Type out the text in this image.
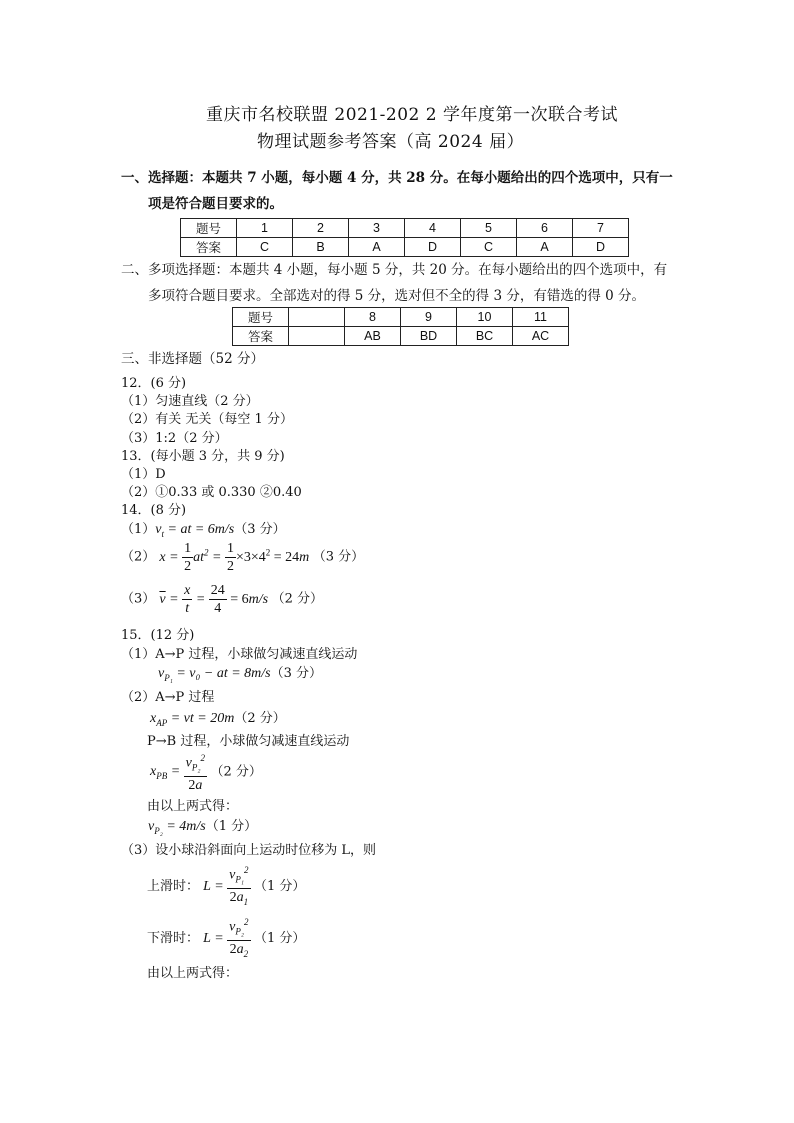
重庆市名校联盟 2021-202 2 学年度第一次联合考试
物理试题参考答案（高 2024 届）
一、选择题：本题共 7 小题，每小题 4 分，共 28 分。在每小题给出的四个选项中，只有一
项是符合题目要求的。
题号	1	2	3	4	5	6	7
答案	C	B	A	D	C	A	D
二、多项选择题：本题共 4 小题，每小题 5 分，共 20 分。在每小题给出的四个选项中，有
多项符合题目要求。全部选对的得 5 分，选对但不全的得 3 分，有错选的得 0 分。
题号		8	9	10	11
答案		AB	BD	BC	AC
三、非选择题（52 分）
12．(6 分)
（1）匀速直线（2 分）
（2）有关 无关（每空 1 分）
（3）1:2（2 分）
13．(每小题 3 分，共 9 分)
（1）D
（2）①0.33 或 0.330 ②0.40
14．(8 分)
$(1)v_t$ = at = 6m/s（3 分）
（2） $x = \frac{1}{2} at^2 = \frac{1}{2} \times 3\times 4^2 = 24m$ （3 分）
（3） $\overline{v} = \frac{x}{t} = \frac{24}{4} = 6m/s$ （2 分）
15．(12 分)
（1）A→P 过程，小球做匀减速直线运动
$v_{P_1} = v_0$ − at = 8m/s（3 分）
（2）A→P 过程
$x_{AP}$ = vt = 20m（2 分）
P→B 过程，小球做匀减速直线运动
$x_{PB} = \frac{v_{P_2}^2}{2a} (2$ 分）
由以上两式得：
$v_{P_2} = 4m/s(1$ 分）
（3）设小球沿斜面向上运动时位移为 L，则
上滑时： $L = \frac{v_{P_1}^2}{2a_1} (1$ 分）
下滑时： $L = \frac{v_{P_2}^2}{2a_2} (1$ 分）
由以上两式得：
